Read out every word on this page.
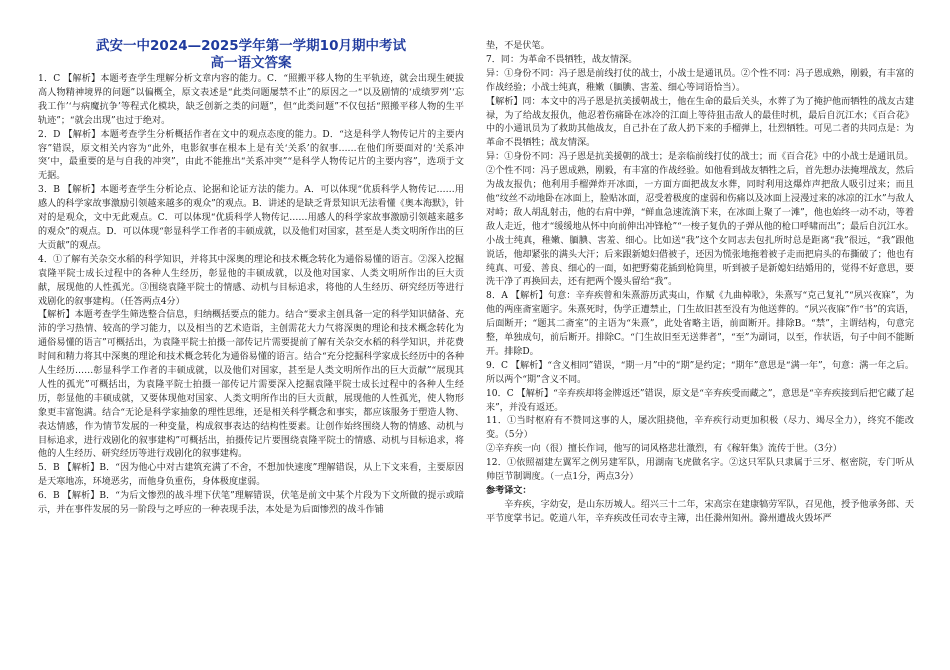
武安一中2024—2025学年第一学期10月期中考试
高一语文答案

1．C 【解析】本题考查学生理解分析文章内容的能力。C．“照搬平移人物的生平轨迹，就会出现生硬拔高人物精神境界的问题”以偏概全，原文表述是“此类问题屡禁不止”的原因之一“以及剧情的‘成绩罗列’‘忘我工作’‘与病魔抗争’等程式化模块，缺乏创新之类的问题”，但“此类问题”不仅包括“照搬平移人物的生平轨迹”；“就会出现”也过于绝对。

2．D 【解析】本题考查学生分析概括作者在文中的观点态度的能力。D．“这是科学人物传记片的主要内容”错误，原文相关内容为“此外，电影叙事在根本上是有关‘关系’的叙事……在他们所要面对的‘关系冲突’中，最重要的是与自我的冲突”，由此不能推出“关系冲突”“是科学人物传记片的主要内容”，选项于文无据。

3．B 【解析】本题考查学生分析论点、论据和论证方法的能力。A．可以体现“优质科学人物传记……用感人的科学家故事激励引领越来越多的观众”的观点。B．讲述的是缺乏背景知识无法看懂《奥本海默》，针对的是观众，文中无此观点。C．可以体现“优质科学人物传记……用感人的科学家故事激励引领越来越多的观众”的观点。D．可以体现“彰显科学工作者的丰硕成就，以及他们对国家，甚至是人类文明所作出的巨大贡献”的观点。

4．①了解有关杂交水稻的科学知识，并将其中深奥的理论和技术概念转化为通俗易懂的语言。②深入挖掘袁隆平院士成长过程中的各种人生经历，彰显他的丰硕成就，以及他对国家、人类文明所作出的巨大贡献，展现他的人性孤光。③围绕袁隆平院士的情感、动机与目标追求，将他的人生经历、研究经历等进行戏剧化的叙事建构。（任答两点4分）

【解析】本题考查学生筛选整合信息，归纳概括要点的能力。结合“要求主创具备一定的科学知识储备、充沛的学习热情、较高的学习能力，以及相当的艺术造诣，主创需花大力气将深奥的理论和技术概念转化为通俗易懂的语言”可概括出，为袁隆平院士拍摄一部传记片需要提前了解有关杂交水稻的科学知识，并花费时间和精力将其中深奥的理论和技术概念转化为通俗易懂的语言。结合“充分挖掘科学家成长经历中的各种人生经历……彰显科学工作者的丰硕成就，以及他们对国家，甚至是人类文明所作出的巨大贡献”“展现其人性的孤光”可概括出，为袁隆平院士拍摄一部传记片需要深入挖掘袁隆平院士成长过程中的各种人生经历，彰显他的丰硕成就，又要体现他对国家、人类文明所作出的巨大贡献，展现他的人性孤光，使人物形象更丰富饱满。结合“无论是科学家抽象的理性思维，还是相关科学概念和事实，都应该服务于塑造人物、表达情感，作为情节发展的一种变量，构成叙事表达的结构性要素。让创作始终围绕人物的情感、动机与目标追求，进行戏剧化的叙事建构”可概括出，拍摄传记片要围绕袁隆平院士的情感、动机与目标追求，将他的人生经历、研究经历等进行戏剧化的叙事建构。

5．B 【解析】B．“因为他心中对古建筑充满了不舍，不想加快速度”理解错误，从上下文来看，主要原因是天寒地冻，环境恶劣，而他身负重伤，身体极度虚弱。

6．B 【解析】B．“为后文惨烈的战斗埋下伏笔”理解错误，伏笔是前文中某个片段为下文所做的提示或暗示，并在事件发展的另一阶段与之呼应的一种表现手法，本处是为后面惨烈的战斗作铺

垫，不是伏笔。

7．同：为革命不畏牺牲，战友情深。

异：①身份不同：冯子恩是前线打仗的战士，小战士是通讯员。②个性不同：冯子恩成熟，刚毅，有丰富的作战经验；小战士纯真，稚嫩（腼腆、害羞、细心等词语恰当）。

【解析】同：本文中的冯子恩是抗美援朝战士，他在生命的最后关头，水葬了为了掩护他而牺牲的战友古建禄，为了给战友报仇，他忍着伤痛卧在冰冷的江面上等待狙击敌人的最佳时机，最后自沉江水；《百合花》中的小通讯员为了救助其他战友，自己扑在了敌人扔下来的手榴弹上，壮烈牺牲。可见二者的共同点是：为革命不畏牺牲；战友情深。

异：①身份不同：冯子恩是抗美援朝的战士；是亲临前线打仗的战士；而《百合花》中的小战士是通讯员。

②个性不同：冯子恩成熟，刚毅，有丰富的作战经验。如他看到战友牺牲之后，首先想办法掩埋战友，然后为战友报仇；他利用手榴弹炸开冰面，一方面方面把战友水葬，同时利用这爆炸声把敌人吸引过来；而且他“纹丝不动地卧在冰面上，脸贴冰面，忍受着极度的虚弱和伤痛以及冰面上浸漫过来的冰凉的江水”与敌人对峙；敌人胡乱射击，他的右肩中弹，“鲜血急速流淌下来，在冰面上聚了一滩”，他也始终一动不动，等着敌人走近，他才“缓缓地从怀中向前伸出冲锋枪”“一梭子复仇的子弹从他的枪口呼啸而出”；最后自沉江水。

小战士纯真，稚嫩、腼腆、害羞、细心。比如送“我”这个女同志去包扎所时总是距离“我”很远，“我”跟他说话，他却紧张的满头大汗；后来跟新媳妇借被子，还因为慌张地拖着被子走而把肩头的布撕破了；他也有纯真、可爱、善良、细心的一面，如把野菊花插到枪筒里，听到被子是新媳妇结婚用的，觉得不好意思，要洗干净了再换回去，还有把两个馒头留给“我”。

8．A 【解析】句意：辛弃疾曾和朱熹游历武夷山，作赋《九曲棹歌》，朱熹写“克己复礼”“夙兴夜寐”，为他的两座斋室题字。朱熹死时，伪学正遭禁止，门生故旧甚至没有为他送葬的。“夙兴夜寐”作“书”的宾语，后面断开；“题其二斋室”的主语为“朱熹”，此处省略主语，前面断开。排除B。“禁”，主谓结构，句意完整，单独成句，前后断开。排除C。“门生故旧至无送葬者”，“至”为副词，以至，作状语，句子中间不能断开。排除D。

9．C 【解析】“含义相同”错误，“期一月”中的“期”是约定；“期年”意思是“满一年”，句意：满一年之后。所以两个“期”含义不同。

10．C 【解析】“辛弃疾却将金牌返还”错误，原文是“辛弃疾受而藏之”，意思是“辛弃疾接到后把它藏了起来”，并没有返还。

11．①当时枢府有不赞同这事的人，屡次阻挠他，辛弃疾行动更加积极（尽力、竭尽全力），终究不能改变。（5分）

②辛弃疾一向（很）擅长作词，他写的词风格悲壮激烈，有《稼轩集》流传于世。（3分）

12．①依照福建左翼军之例另建军队，用湖南飞虎做名字。②这只军队只隶属于三牙、枢密院，专门听从帅臣节制调度。（一点1分，两点3分）

参考译文：

辛弃疾，字幼安，是山东历城人。绍兴三十二年，宋高宗在建康犒劳军队，召见他，授予他承务郎、天平节度掌书记。乾道八年，辛弃疾改任司农寺主簿，出任滁州知州。滁州遭战火毁坏严
